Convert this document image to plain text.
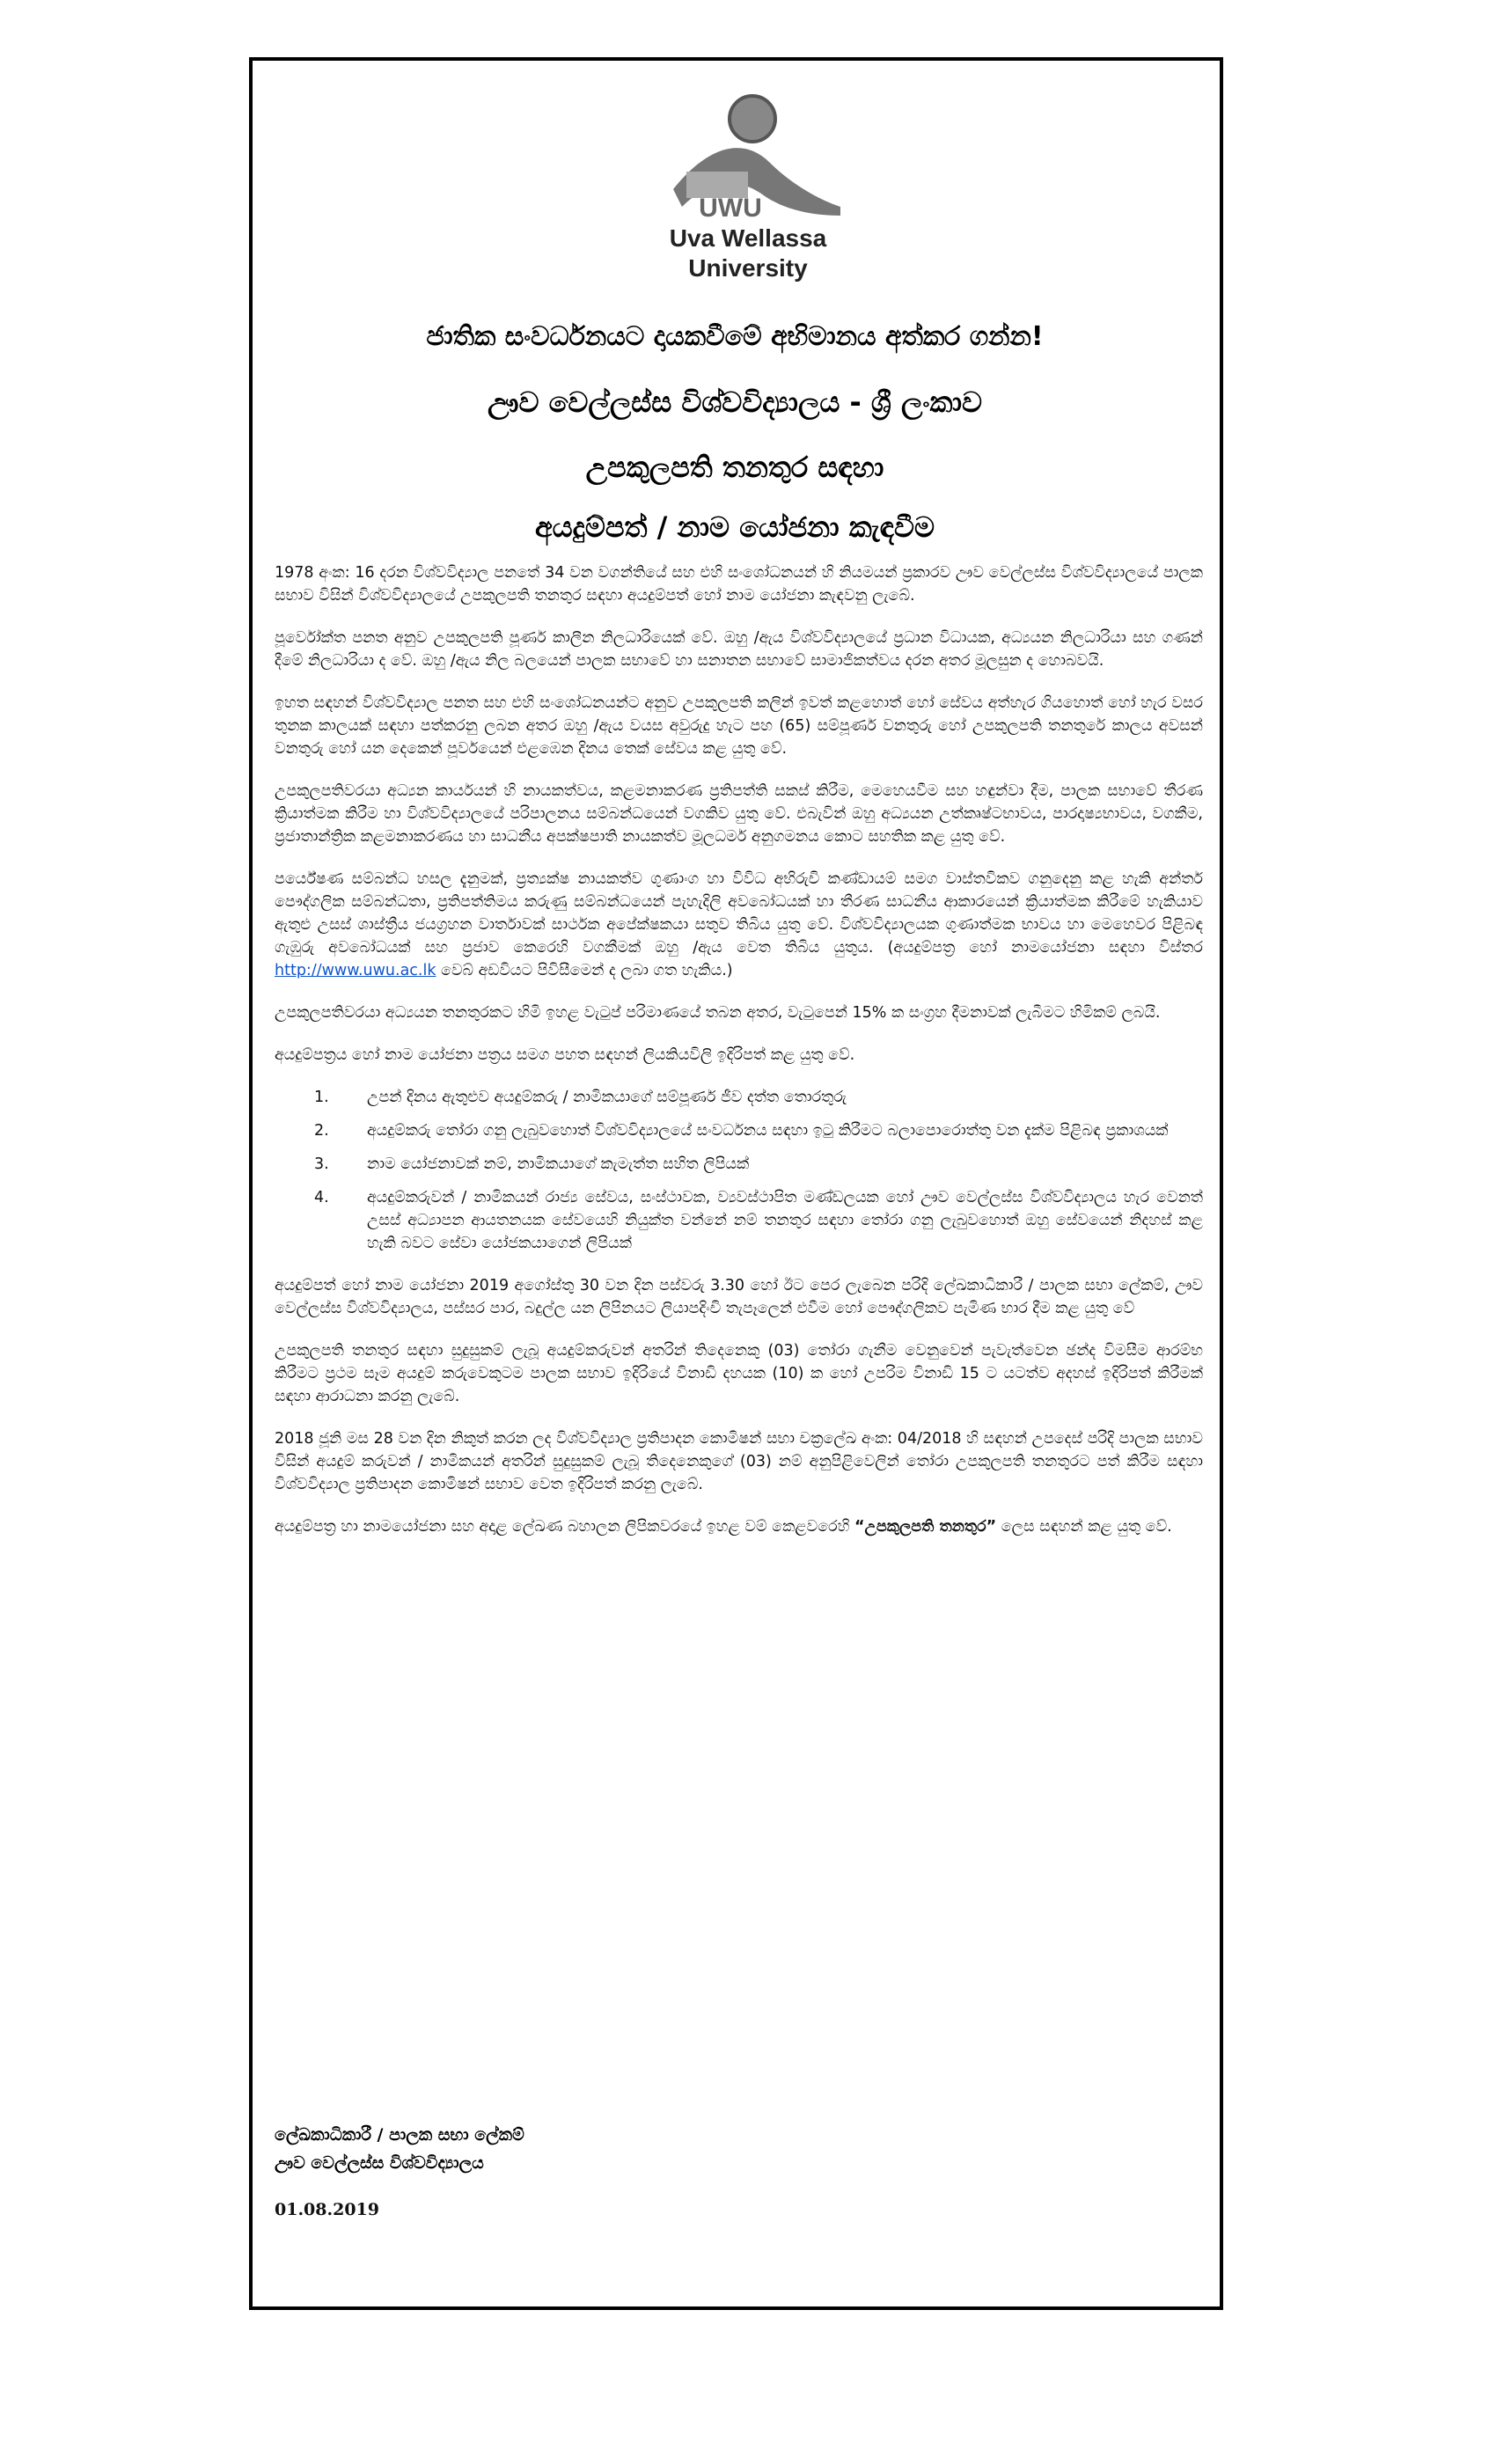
UWU
Uva Wellassa
University
ජාතික සංවර්ධනයට දායකවීමේ අභිමානය අත්කර ගන්න!
ඌව වෙල්ලස්ස විශ්වවිද්‍යාලය - ශ්‍රී ලංකාව
උපකුලපති තනතුර සඳහා
අයදුම්පත් / නාම යෝජනා කැඳවීම

1978 අංක: 16 දරන විශ්වවිද්‍යාල පනතේ 34 වන වගන්තියේ සහ එහි සංශෝධනයන් හි නියමයන් ප්‍රකාරව ඌව වෙල්ලස්ස විශ්වවිද්‍යාලයේ පාලක සභාව විසින් විශ්වවිද්‍යාලයේ උපකුලපති තනතුර සඳහා අයදුම්පත් හෝ නාම යෝජනා කැඳවනු ලැබේ.

පූර්වෝක්ත පනත අනුව උපකුලපති පූර්ණ කාලීන නිලධාරියෙක් වේ. ඔහු /ඇය විශ්වවිද්‍යාලයේ ප්‍රධාන විධායක, අධ්‍යයන නිලධාරියා සහ ගණන් දීමේ නිලධාරියා ද වේ. ඔහු /ඇය නිල බලයෙන් පාලක සභාවේ හා සනාතන සභාවේ සාමාජිකත්වය දරන අතර මූලසුන ද හොබවයි.

ඉහත සඳහන් විශ්වවිද්‍යාල පනත සහ එහි සංශෝධනයන්ට අනුව උපකුලපති කලින් ඉවත් කළහොත් හෝ සේවය අත්හැර ගියහොත් හෝ හැර වසර තුනක කාලයක් සඳහා පත්කරනු ලබන අතර ඔහු /ඇය වයස අවුරුදු හැට පහ (65) සම්පූර්ණ වනතුරු හෝ උපකුලපති තනතුරේ කාලය අවසන් වනතුරු හෝ යන දෙකෙන් පූර්වයෙන් එළඹෙන දිනය තෙක් සේවය කළ යුතු වේ.

උපකුලපතිවරයා අධ්‍යන කාර්යයන් හි නායකත්වය, කළමනාකරණ ප්‍රතිපත්ති සකස් කිරීම, මෙහෙයවීම සහ හඳුන්වා දීම, පාලක සභාවේ තීරණ ක්‍රියාත්මක කිරීම හා විශ්වවිද්‍යාලයේ පරිපාලනය සම්බන්ධයෙන් වගකිව යුතු වේ. එබැවින් ඔහු අධ්‍යයන උත්කෘෂ්ටභාවය, පාරදෘෂ්‍යභාවය, වගකීම, ප්‍රජාතාන්ත්‍රික කළමනාකරණය හා සාධනීය අපක්ෂපාති නායකත්ව මූලධර්ම අනුගමනය කොට සහතික කළ යුතු වේ.

පර්යේෂණ සම්බන්ධ හසල දැනුමක්, ප්‍රත්‍යක්ෂ නායකත්ව ගුණාංග හා විවිධ අභිරුචි කණ්ඩායම් සමග වාස්තවිකව ගනුදෙනු කළ හැකි අන්තර් පෞද්ගලික සම්බන්ධතා, ප්‍රතිපත්තිමය කරුණු සම්බන්ධයෙන් පැහැදිලි අවබෝධයක් හා තීරණ සාධනීය ආකාරයෙන් ක්‍රියාත්මක කිරීමේ හැකියාව ඇතුළු උසස් ශාස්ත්‍රීය ජයග්‍රහන වාර්තාවක් සාර්ථක අපේක්ෂකයා සතුව තිබිය යුතු වේ. විශ්වවිද්‍යාලයක ගුණාත්මක භාවය හා මෙහෙවර පිළිබඳ ගැඹුරු අවබෝධයක් සහ ප්‍රජාව කෙරෙහි වගකීමක් ඔහු /ඇය වෙත තිබිය යුතුය. (අයදුම්පත්‍ර හෝ නාමයෝජනා සඳහා විස්තර http://www.uwu.ac.lk වෙබ් අඩවියට පිවිසීමෙන් ද ලබා ගත හැකිය.)

උපකුලපතිවරයා අධ්‍යයන තනතුරකට හිමි ඉහළ වැටුප් පරිමාණයේ තබන අතර, වැටුපෙන් 15% ක සංග්‍රහ දීමනාවක් ලැබීමට හිමිකම් ලබයි.

අයදුම්පත්‍රය හෝ නාම යෝජනා පත්‍රය සමග පහත සඳහන් ලියකියවිලි ඉදිරිපත් කළ යුතු වේ.

1.	උපන් දිනය ඇතුළුව අයදුම්කරු / නාමිකයාගේ සම්පූර්ණ ජීව දත්ත තොරතුරු
2.	අයදුම්කරු තෝරා ගනු ලැබුවහොත් විශ්වවිද්‍යාලයේ සංවර්ධනය සඳහා ඉටු කිරීමට බලාපොරොත්තු වන දැක්ම පිළිබඳ ප්‍රකාශයක්
3.	නාම යෝජනාවක් නම්, නාමිකයාගේ කැමැත්ත සහිත ලිපියක්
4.	අයදුම්කරුවන් / නාමිකයන් රාජ්‍ය සේවය, සංස්ථාවක, ව්‍යවස්ථාපිත මණ්ඩලයක හෝ ඌව වෙල්ලස්ස විශ්වවිද්‍යාලය හැර වෙනත් උසස් අධ්‍යාපන ආයතනයක සේවයෙහි නියුක්ත වන්නේ නම් තනතුර සඳහා තෝරා ගනු ලැබුවහොත් ඔහු සේවයෙන් නිදහස් කළ හැකි බවට සේවා යෝජකයාගෙන් ලිපියක්

අයදුම්පත් හෝ නාම යෝජනා 2019 අගෝස්තු 30 වන දින පස්වරු 3.30 හෝ ඊට පෙර ලැබෙන පරිදි ලේඛකාධිකාරී / පාලක සභා ලේකම්, ඌව වෙල්ලස්ස විශ්වවිද්‍යාලය, පස්සර පාර, බදුල්ල යන ලිපිනයට ලියාපදිංචි තැපෑලෙන් එවීම හෝ පෞද්ගලිකව පැමිණ භාර දීම කළ යුතු වේ

උපකුලපති තනතුර සඳහා සුදුසුකම් ලැබූ අයදුම්කරුවන් අතරින් තිදෙනෙකු (03) තෝරා ගැනීම වෙනුවෙන් පැවැත්වෙන ඡන්ද විමසීම ආරම්භ කිරීමට ප්‍රථම සෑම අයදුම් කරුවෙකුටම පාලක සභාව ඉදිරියේ විනාඩි දහයක (10) ක හෝ උපරිම විනාඩි 15 ට යටත්ව අදහස් ඉදිරිපත් කිරීමක් සඳහා ආරාධනා කරනු ලැබේ.

2018 ජූනි මස 28 වන දින නිකුත් කරන ලද විශ්වවිද්‍යාල ප්‍රතිපාදන කොමිෂන් සභා චක්‍රලේඛ අංක: 04/2018 හි සඳහන් උපදෙස් පරිදි පාලක සභාව විසින් අයදුම් කරුවන් / නාමිකයන් අතරින් සුදුසුකම් ලැබූ තිදෙනෙකුගේ (03) නම් අනුපිළිවෙලින් තෝරා උපකුලපති තනතුරට පත් කිරීම සඳහා විශ්වවිද්‍යාල ප්‍රතිපාදන කොමිෂන් සභාව වෙත ඉදිරිපත් කරනු ලැබේ.

අයදුම්පත්‍ර හා නාමයෝජනා සහ අදාළ ලේඛණ බහාලන ලිපිකවරයේ ඉහළ වම් කෙළවරෙහි “උපකුලපති තනතුර” ලෙස සඳහන් කළ යුතු වේ.

ලේඛකාධිකාරී / පාලක සභා ලේකම්
ඌව වෙල්ලස්ස විශ්වවිද්‍යාලය
01.08.2019
